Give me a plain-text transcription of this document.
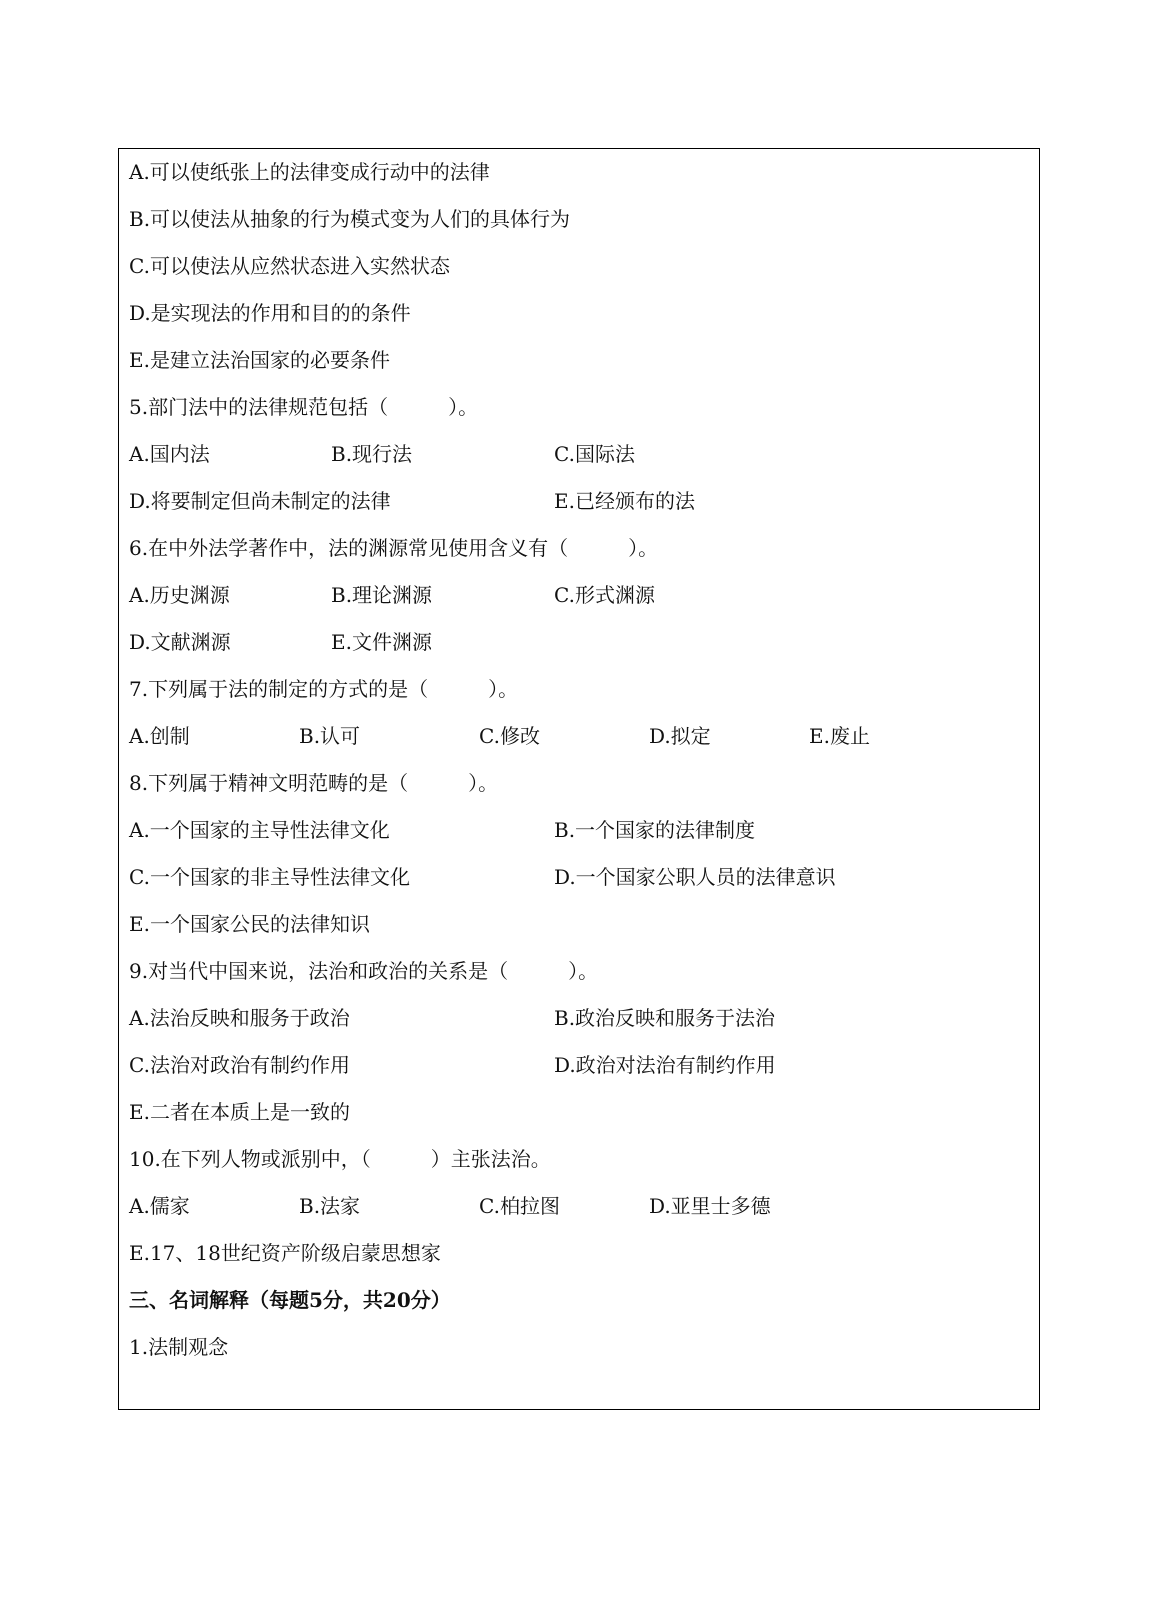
A.可以使纸张上的法律变成行动中的法律
B.可以使法从抽象的行为模式变为人们的具体行为
C.可以使法从应然状态进入实然状态
D.是实现法的作用和目的的条件
E.是建立法治国家的必要条件
5.部门法中的法律规范包括（　　　）。
A.国内法	B.现行法	C.国际法
D.将要制定但尚未制定的法律	E.已经颁布的法
6.在中外法学著作中，法的渊源常见使用含义有（　　　）。
A.历史渊源	B.理论渊源	C.形式渊源
D.文献渊源	E.文件渊源
7.下列属于法的制定的方式的是（　　　）。
A.创制	B.认可	C.修改	D.拟定	E.废止
8.下列属于精神文明范畴的是（　　　）。
A.一个国家的主导性法律文化	B.一个国家的法律制度
C.一个国家的非主导性法律文化	D.一个国家公职人员的法律意识
E.一个国家公民的法律知识
9.对当代中国来说，法治和政治的关系是（　　　）。
A.法治反映和服务于政治	B.政治反映和服务于法治
C.法治对政治有制约作用	D.政治对法治有制约作用
E.二者在本质上是一致的
10.在下列人物或派别中，（　　　）主张法治。
A.儒家	B.法家	C.柏拉图	D.亚里士多德
E.17、18世纪资产阶级启蒙思想家
三、名词解释（每题5分，共20分）
1.法制观念
